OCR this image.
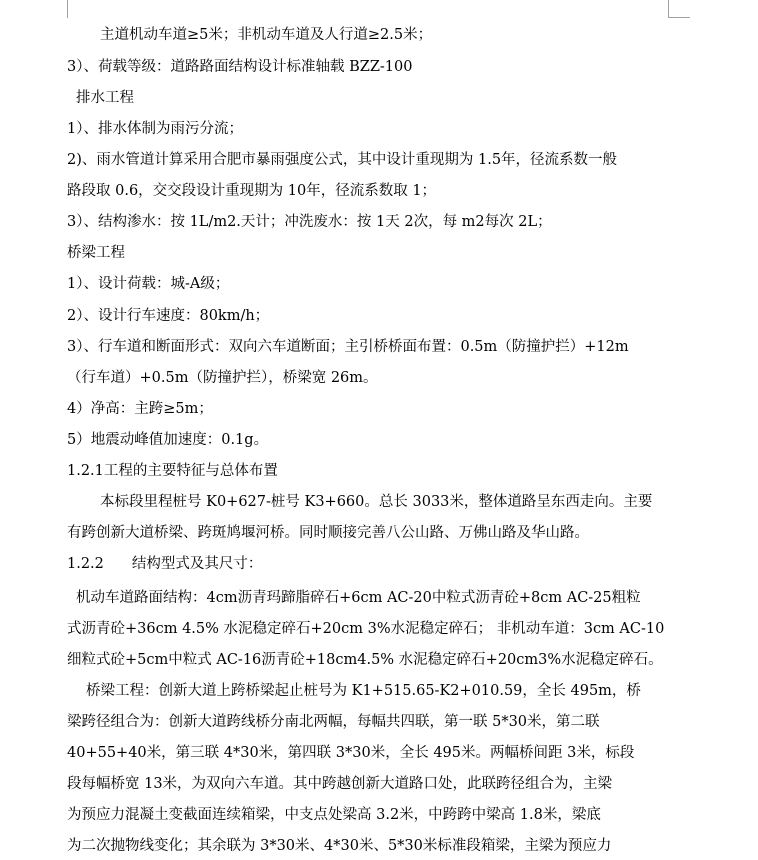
主道机动车道≥5米；非机动车道及人行道≥2.5米；
3）、荷载等级：道路路面结构设计标准轴载 BZZ-100
排水工程
1）、排水体制为雨污分流；
2)、雨水管道计算采用合肥市暴雨强度公式，其中设计重现期为 1.5年，径流系数一般
路段取 0.6，交交段设计重现期为 10年，径流系数取 1；
3）、结构渗水：按 1L/m2.天计；冲洗废水：按 1天 2次，每 m2每次 2L；
桥梁工程
1）、设计荷载：城-A级；
2）、设计行车速度：80km/h；
3）、行车道和断面形式：双向六车道断面；主引桥桥面布置：0.5m（防撞护拦）+12m
（行车道）+0.5m（防撞护拦），桥梁宽 26m。
4）净高：主跨≥5m；
5）地震动峰值加速度：0.1g。
1.2.1工程的主要特征与总体布置
本标段里程桩号 K0+627-桩号 K3+660。总长 3033米，整体道路呈东西走向。主要
有跨创新大道桥梁、跨斑鸠堰河桥。同时顺接完善八公山路、万佛山路及华山路。
1.2.2 结构型式及其尺寸：
机动车道路面结构：4cm沥青玛蹄脂碎石+6cm AC-20中粒式沥青砼+8cm AC-25粗粒
式沥青砼+36cm 4.5% 水泥稳定碎石+20cm 3%水泥稳定碎石； 非机动车道：3cm AC-10
细粒式砼+5cm中粒式 AC-16沥青砼+18cm4.5% 水泥稳定碎石+20cm3%水泥稳定碎石。
桥梁工程：创新大道上跨桥梁起止桩号为 K1+515.65-K2+010.59，全长 495m，桥
梁跨径组合为：创新大道跨线桥分南北两幅，每幅共四联，第一联 5*30米，第二联
40+55+40米，第三联 4*30米，第四联 3*30米，全长 495米。两幅桥间距 3米，标段
段每幅桥宽 13米，为双向六车道。其中跨越创新大道路口处，此联跨径组合为，主梁
为预应力混凝土变截面连续箱梁，中支点处梁高 3.2米，中跨跨中梁高 1.8米，梁底
为二次抛物线变化；其余联为 3*30米、4*30米、5*30米标准段箱梁，主梁为预应力
